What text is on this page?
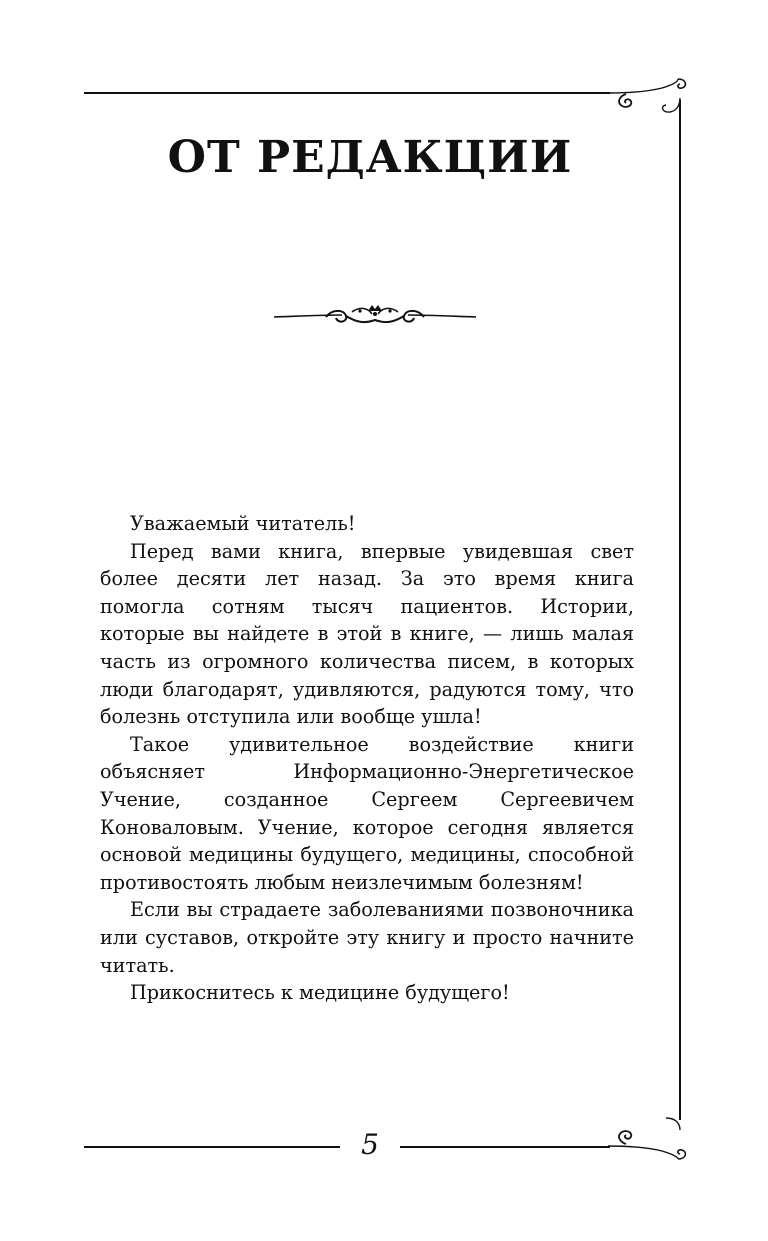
ОТ РЕДАКЦИИ

Уважаемый читатель!

Перед вами книга, впервые увидевшая свет более десяти лет назад. За это время книга помогла сотням тысяч пациентов. Истории, которые вы найдете в этой в книге, — лишь малая часть из огромного количества писем, в которых люди благодарят, удивляются, радуются тому, что болезнь отступила или вообще ушла!

Такое удивительное воздействие книги объясняет Информационно-Энергетическое Учение, созданное Сергеем Сергеевичем Коноваловым. Учение, которое сегодня является основой медицины будущего, медицины, способной противостоять любым неизлечимым болезням!

Если вы страдаете заболеваниями позвоночника или суставов, откройте эту книгу и просто начните читать.

Прикоснитесь к медицине будущего!

5
